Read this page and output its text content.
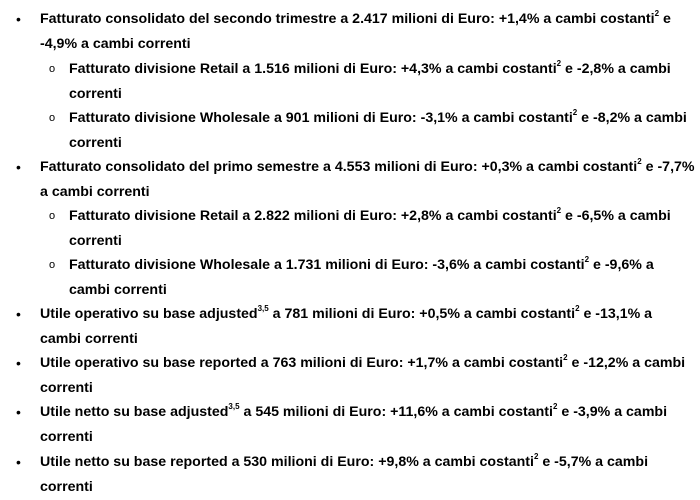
• Fatturato consolidato del secondo trimestre a 2.417 milioni di Euro: +1,4% a cambi costanti$^2$ e -4,9% a cambi correnti

o Fatturato divisione Retail a 1.516 milioni di Euro: +4,3% a cambi costanti$^2$ e -2,8% a cambi correnti

o Fatturato divisione Wholesale a 901 milioni di Euro: -3,1% a cambi costanti$^2$ e -8,2% a cambi correnti

• Fatturato consolidato del primo semestre a 4.553 milioni di Euro: +0,3% a cambi costanti$^2$ e -7,7% a cambi correnti

o Fatturato divisione Retail a 2.822 milioni di Euro: +2,8% a cambi costanti$^2$ e -6,5% a cambi correnti

o Fatturato divisione Wholesale a 1.731 milioni di Euro: -3,6% a cambi costanti$^2$ e -9,6% a cambi correnti

• Utile operativo su base adjusted$^{3,5}$ a 781 milioni di Euro: +0,5% a cambi costanti$^2$ e -13,1% a cambi correnti

• Utile operativo su base reported a 763 milioni di Euro: +1,7% a cambi costanti$^2$ e -12,2% a cambi correnti

• Utile netto su base adjusted$^{3,5}$ a 545 milioni di Euro: +11,6% a cambi costanti$^2$ e -3,9% a cambi correnti

• Utile netto su base reported a 530 milioni di Euro: +9,8% a cambi costanti$^2$ e -5,7% a cambi correnti
